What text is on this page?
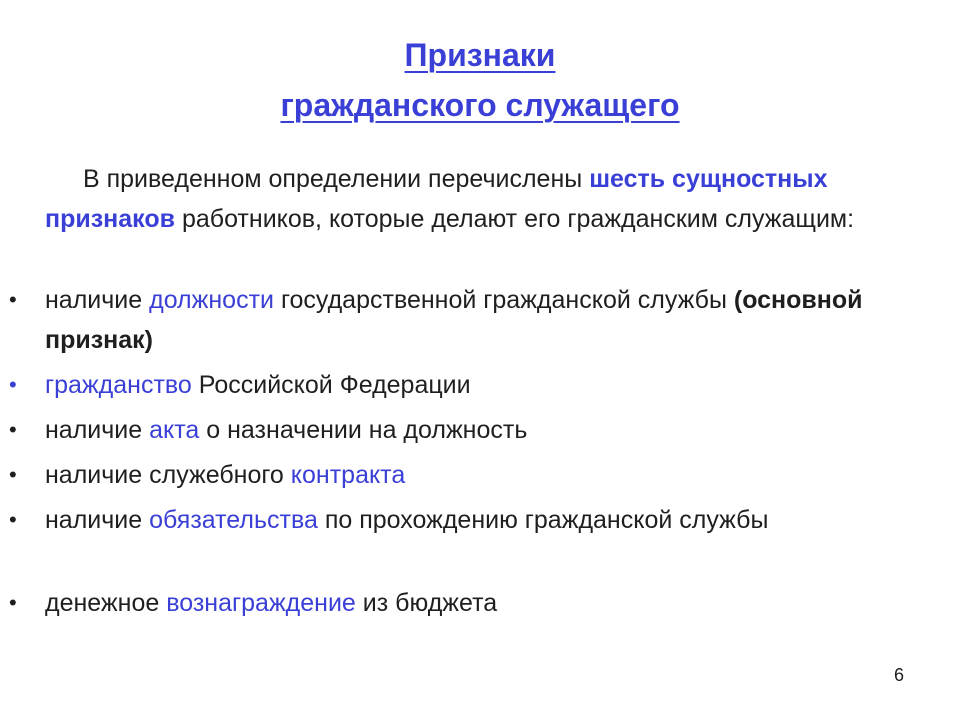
Признаки
гражданского служащего
В приведенном определении перечислены шесть сущностных признаков работников, которые делают его гражданским служащим:
•	наличие должности государственной гражданской службы (основной признак)
•	гражданство Российской Федерации
•	наличие акта о назначении на должность
•	наличие служебного контракта
•	наличие обязательства по прохождению гражданской службы
•	денежное вознаграждение из бюджета
6
